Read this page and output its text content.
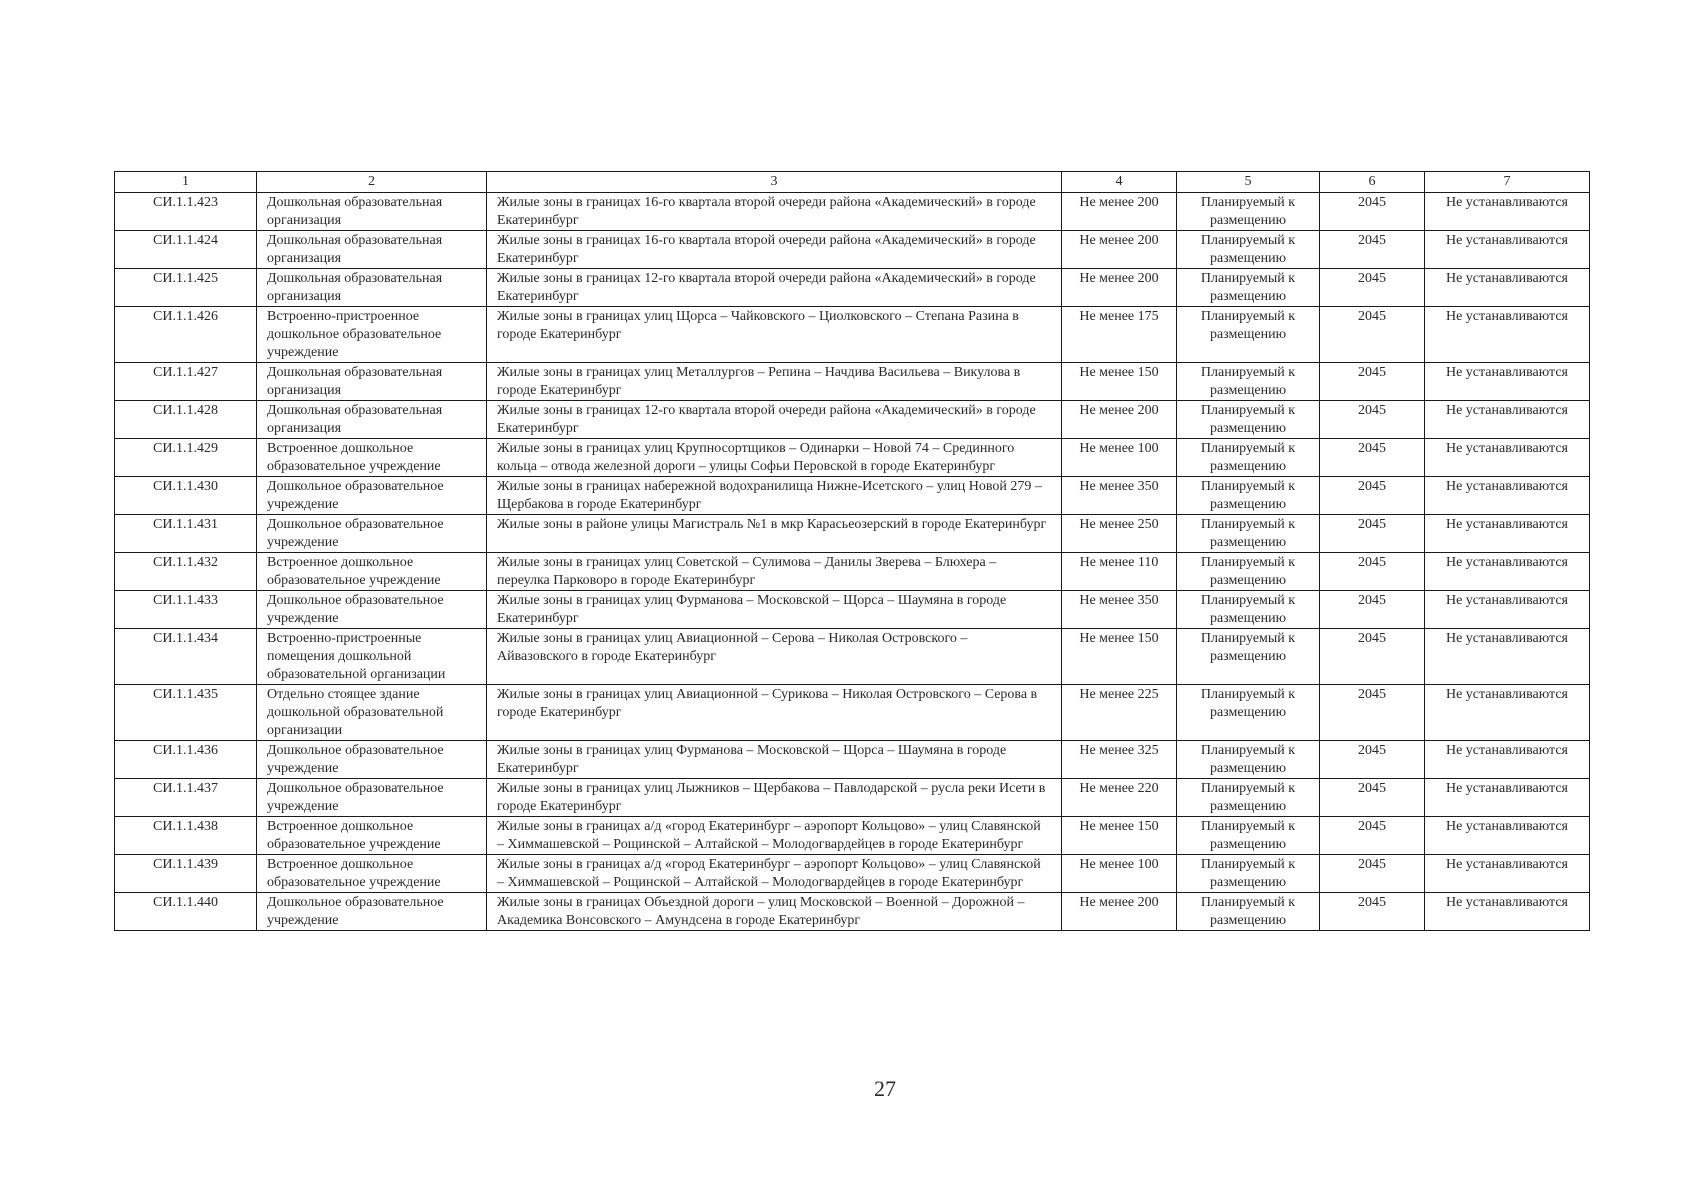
1	2	3	4	5	6	7
СИ.1.1.423	Дошкольная образовательная организация	Жилые зоны в границах 16-го квартала второй очереди района «Академический» в городе Екатеринбург	Не менее 200	Планируемый к размещению	2045	Не устанавливаются
СИ.1.1.424	Дошкольная образовательная организация	Жилые зоны в границах 16-го квартала второй очереди района «Академический» в городе Екатеринбург	Не менее 200	Планируемый к размещению	2045	Не устанавливаются
СИ.1.1.425	Дошкольная образовательная организация	Жилые зоны в границах 12-го квартала второй очереди района «Академический» в городе Екатеринбург	Не менее 200	Планируемый к размещению	2045	Не устанавливаются
СИ.1.1.426	Встроенно-пристроенное дошкольное образовательное учреждение	Жилые зоны в границах улиц Щорса – Чайковского – Циолковского – Степана Разина в городе Екатеринбург	Не менее 175	Планируемый к размещению	2045	Не устанавливаются
СИ.1.1.427	Дошкольная образовательная организация	Жилые зоны в границах улиц Металлургов – Репина – Начдива Васильева – Викулова в городе Екатеринбург	Не менее 150	Планируемый к размещению	2045	Не устанавливаются
СИ.1.1.428	Дошкольная образовательная организация	Жилые зоны в границах 12-го квартала второй очереди района «Академический» в городе Екатеринбург	Не менее 200	Планируемый к размещению	2045	Не устанавливаются
СИ.1.1.429	Встроенное дошкольное образовательное учреждение	Жилые зоны в границах улиц Крупносортщиков – Одинарки – Новой 74 – Срединного кольца – отвода железной дороги – улицы Софьи Перовской в городе Екатеринбург	Не менее 100	Планируемый к размещению	2045	Не устанавливаются
СИ.1.1.430	Дошкольное образовательное учреждение	Жилые зоны в границах набережной водохранилища Нижне-Исетского – улиц Новой 279 – Щербакова в городе Екатеринбург	Не менее 350	Планируемый к размещению	2045	Не устанавливаются
СИ.1.1.431	Дошкольное образовательное учреждение	Жилые зоны в районе улицы Магистраль №1 в мкр Карасьеозерский в городе Екатеринбург	Не менее 250	Планируемый к размещению	2045	Не устанавливаются
СИ.1.1.432	Встроенное дошкольное образовательное учреждение	Жилые зоны в границах улиц Советской – Сулимова – Данилы Зверева – Блюхера – переулка Парковоро в городе Екатеринбург	Не менее 110	Планируемый к размещению	2045	Не устанавливаются
СИ.1.1.433	Дошкольное образовательное учреждение	Жилые зоны в границах улиц Фурманова – Московской – Щорса – Шаумяна в городе Екатеринбург	Не менее 350	Планируемый к размещению	2045	Не устанавливаются
СИ.1.1.434	Встроенно-пристроенные помещения дошкольной образовательной организации	Жилые зоны в границах улиц Авиационной – Серова – Николая Островского – Айвазовского в городе Екатеринбург	Не менее 150	Планируемый к размещению	2045	Не устанавливаются
СИ.1.1.435	Отдельно стоящее здание дошкольной образовательной организации	Жилые зоны в границах улиц Авиационной – Сурикова – Николая Островского – Серова в городе Екатеринбург	Не менее 225	Планируемый к размещению	2045	Не устанавливаются
СИ.1.1.436	Дошкольное образовательное учреждение	Жилые зоны в границах улиц Фурманова – Московской – Щорса – Шаумяна в городе Екатеринбург	Не менее 325	Планируемый к размещению	2045	Не устанавливаются
СИ.1.1.437	Дошкольное образовательное учреждение	Жилые зоны в границах улиц Лыжников – Щербакова – Павлодарской – русла реки Исети в городе Екатеринбург	Не менее 220	Планируемый к размещению	2045	Не устанавливаются
СИ.1.1.438	Встроенное дошкольное образовательное учреждение	Жилые зоны в границах а/д «город Екатеринбург – аэропорт Кольцово» – улиц Славянской – Химмашевской – Рощинской – Алтайской – Молодогвардейцев в городе Екатеринбург	Не менее 150	Планируемый к размещению	2045	Не устанавливаются
СИ.1.1.439	Встроенное дошкольное образовательное учреждение	Жилые зоны в границах а/д «город Екатеринбург – аэропорт Кольцово» – улиц Славянской – Химмашевской – Рощинской – Алтайской – Молодогвардейцев в городе Екатеринбург	Не менее 100	Планируемый к размещению	2045	Не устанавливаются
СИ.1.1.440	Дошкольное образовательное учреждение	Жилые зоны в границах Объездной дороги – улиц Московской – Военной – Дорожной – Академика Вонсовского – Амундсена в городе Екатеринбург	Не менее 200	Планируемый к размещению	2045	Не устанавливаются
27
